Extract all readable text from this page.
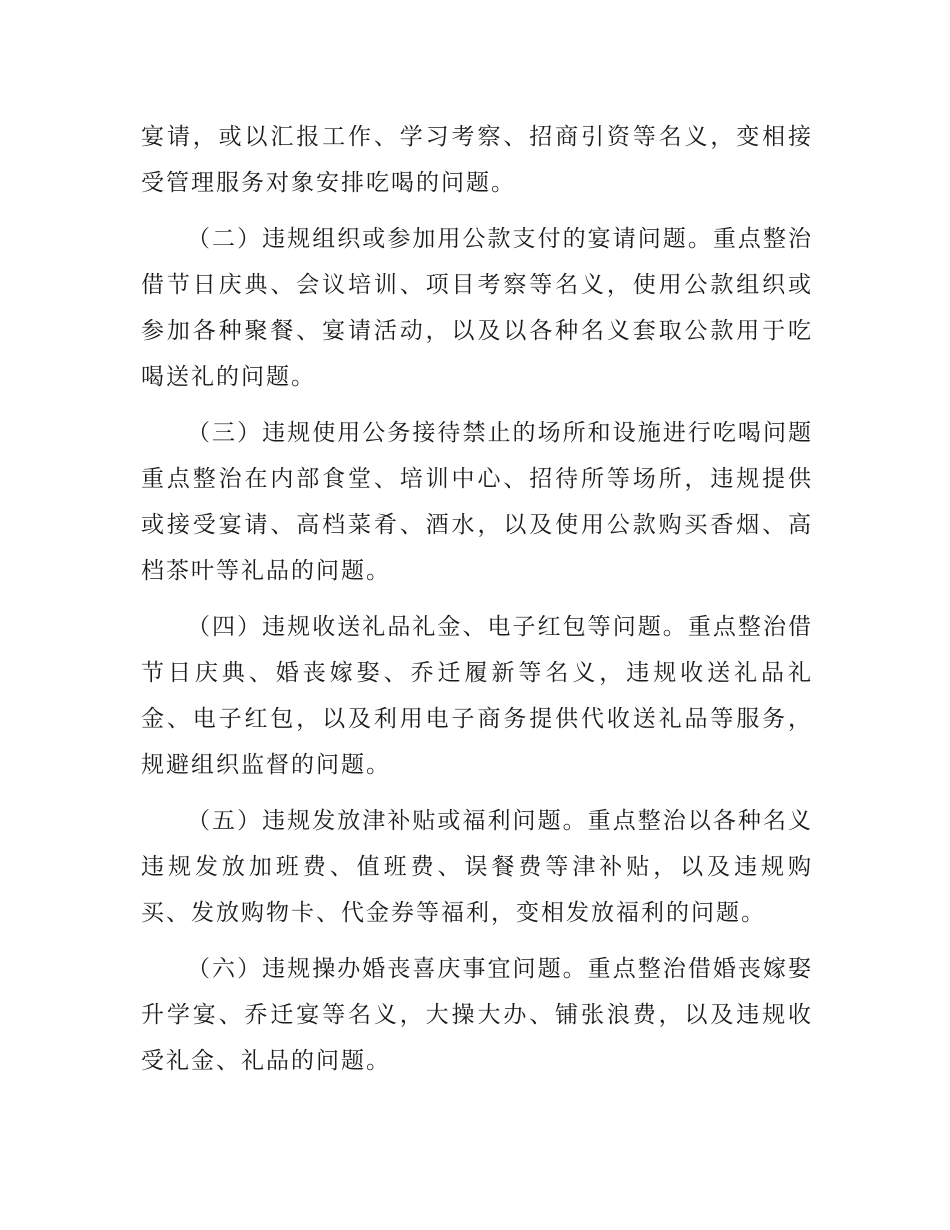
宴请，或以汇报工作、学习考察、招商引资等名义，变相接受管理服务对象安排吃喝的问题。

（二）违规组织或参加用公款支付的宴请问题。重点整治借节日庆典、会议培训、项目考察等名义，使用公款组织或参加各种聚餐、宴请活动，以及以各种名义套取公款用于吃喝送礼的问题。

（三）违规使用公务接待禁止的场所和设施进行吃喝问题重点整治在内部食堂、培训中心、招待所等场所，违规提供或接受宴请、高档菜肴、酒水，以及使用公款购买香烟、高档茶叶等礼品的问题。

（四）违规收送礼品礼金、电子红包等问题。重点整治借节日庆典、婚丧嫁娶、乔迁履新等名义，违规收送礼品礼金、电子红包，以及利用电子商务提供代收送礼品等服务，规避组织监督的问题。

（五）违规发放津补贴或福利问题。重点整治以各种名义违规发放加班费、值班费、误餐费等津补贴，以及违规购买、发放购物卡、代金券等福利，变相发放福利的问题。

（六）违规操办婚丧喜庆事宜问题。重点整治借婚丧嫁娶升学宴、乔迁宴等名义，大操大办、铺张浪费，以及违规收受礼金、礼品的问题。
